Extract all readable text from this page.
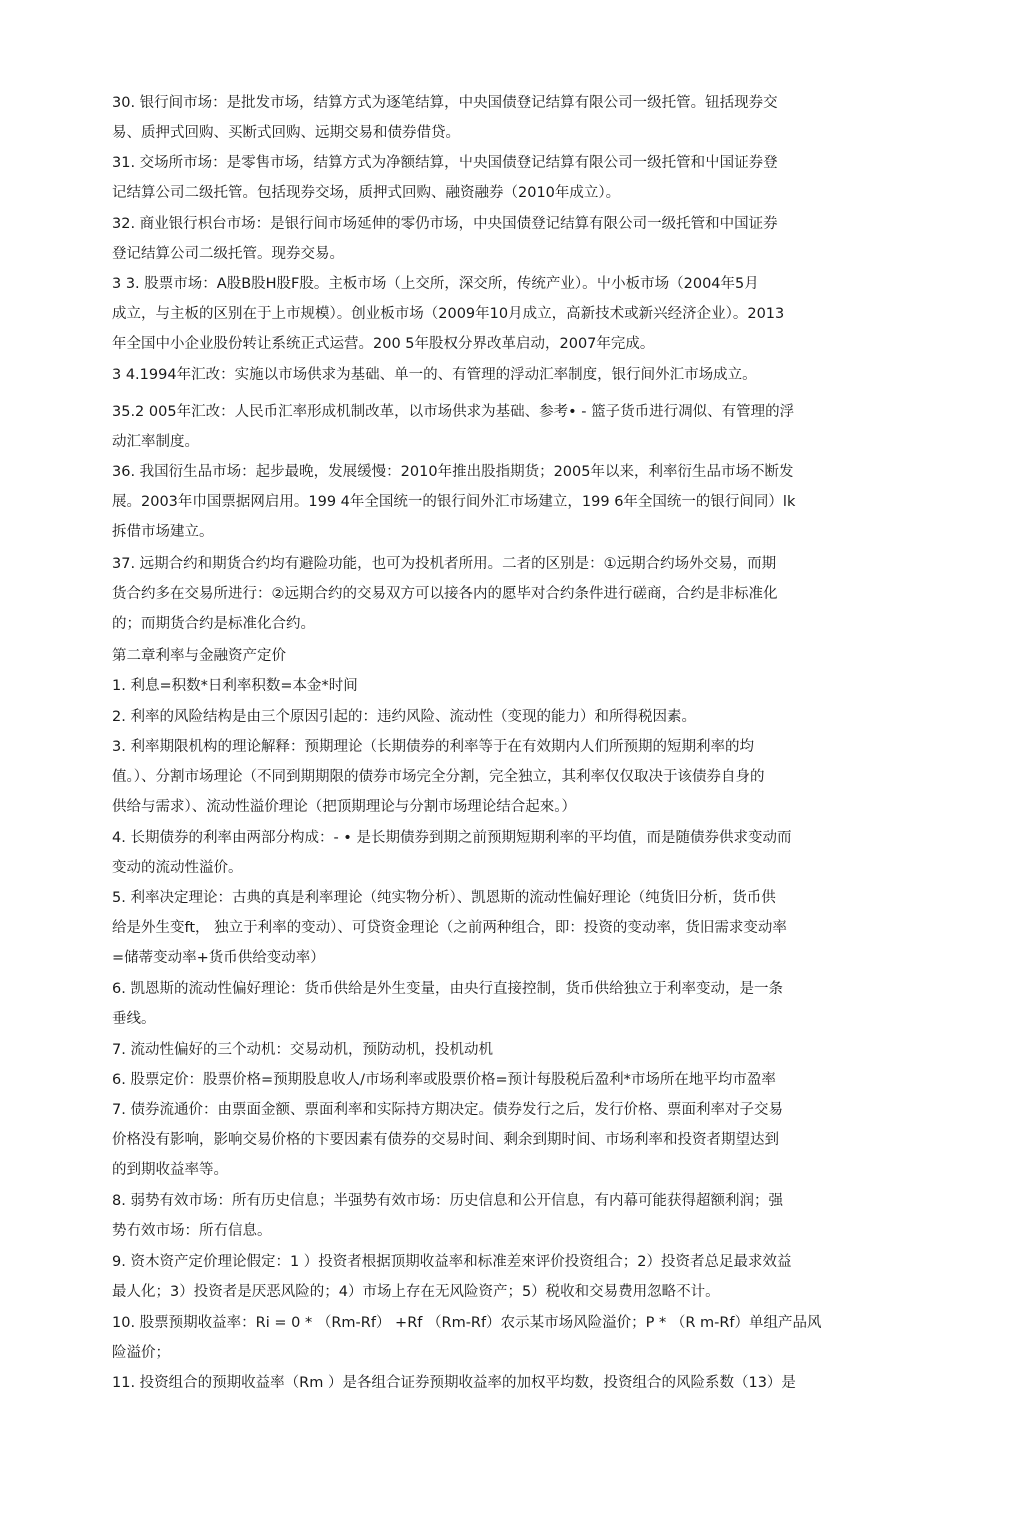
30. 银行间市场：是批发市场，结算方式为逐笔结算，中央国债登记结算有限公司一级托管。钮括现券交
易、质押式回购、买断式回购、远期交易和债券借贷。
31. 交场所市场：是零售市场，结算方式为净额结算，屮央国债登记结算有限公司一级托管和屮国证券登
记结算公司二级托管。包括现券交场，质押式回购、融资融券（2010年成立）。
32. 商业银行枳台市场：是银行间市场延伸的零仍市场，中央国债登记结算有限公司一级托管和中国证券
登记结算公司二级托管。现券交易。
3 3. 股票市场：A股B股H股F股。主板市场（上交所，深交所，传统产业）。屮小板市场（2004年5月
成立，与主板的区别在于上市规模）。创业板市场（2009年10月成立，高新技术或新兴经济企业）。2013
年全国中小企业股份转让系统正式运营。200 5年股权分界改革启动，2007年完成。
3 4.1994年汇改：实施以市场供求为基础、单一的、有管理的浮动汇率制度，银行间外汇市场成立。
35.2 005年汇改：人民币汇率形成机制改革，以市场供求为基础、参考• - 篮子货币进行凋似、有管理的浮
动汇率制度。
36. 我国衍生品市场：起步最晚，发展缓慢：2010年推出股指期货；2005年以来，利率衍生品市场不断发
展。2003年巾国票据网启用。199 4年全国统一的银行间外汇市场建立，199 6年全国统一的银行间同）lk
拆借市场建立。
37. 远期合约和期货合约均有避险功能，也可为投机者所用。二者的区别是：①远期合约场外交易，而期
货合约多在交易所进行：②远期合约的交易双方可以接各内的愿毕对合约条件进行磋商，合约是非标准化
的；而期货合约是标准化合约。
第二章利率与金融资产定价
1. 利息=积数*日利率积数=本金*时间
2. 利率的风险结构是由三个原因引起的：违约风险、流动性（变现的能力）和所得税因素。
3. 利率期限机构的理论解释：预期理论（长期债券的利率等于在有效期内人们所预期的短期利率的均
值。）、分割市场理论（不同到期期限的债券市场完全分割，完全独立，其利率仅仅取决于该债券自身的
供给与需求）、流动性溢价理论（把顶期理论与分割市场理论结合起來。）
4. 长期债券的利率由两部分构成：- • 是长期债券到期之前预期短期利率的平均值，而是随债券供求变动而
变动的流动性溢价。
5. 利率决定理论：古典的真是利率理论（纯实物分析）、凯恩斯的流动性偏好理论（纯货旧分析，货币供
给是外生变ft， 独立于利率的变动）、可贷资金理论（之前两种组合，即：投资的变动率，货旧需求变动率
=储蒂变动率+货币供给变动率）
6. 凯恩斯的流动性偏好理论：货币供给是外生变量，由央行直接控制，货币供给独立于利率变动，是一条
垂线。
7. 流动性偏好的三个动机：交易动机，预防动机，投机动机
6. 股票定价：股票价格=预期股息收人/市场利率或股票价格=预计每股税后盈利*市场所在地平均市盈率
7. 债券流通价：由票面金额、票面利率和实际持方期决定。债券发行之后，发行价格、票面利率对子交易
价格没有影响，影响交易价格的卞要因素有债券的交易时间、剩余到期时间、市场利率和投资者期望达到
的到期收益率等。
8. 弱势有效市场：所有历史信息；半强势有效市场：历史信息和公开信息，有内幕可能获得超额利润；强
势冇效市场：所冇信息。
9. 资木资产定价理论假定：1 ）投资者根据顶期收益率和标准差來评价投资组合；2）投资者总足最求效益
最人化；3）投资者是厌恶风险的；4）市场上存在无风险资产；5）税收和交易费用忽略不计。
10. 股票预期收益率：Ri = 0 * （Rm-Rf） +Rf （Rm-Rf）农示某市场风险溢价；P * （R m-Rf）单组产品风
险溢价；
11. 投资组合的预期收益率（Rm ）是各组合证券预期收益率的加权平均数，投资组合的风险系数（13）是
